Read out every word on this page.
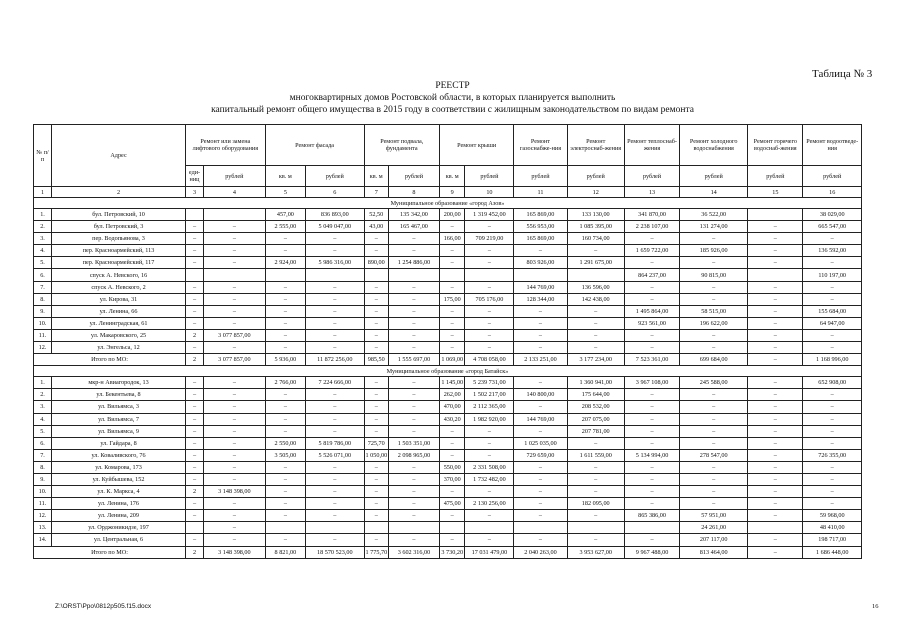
Таблица № 3
РЕЕСТР
многоквартирных домов Ростовской области, в которых планируется выполнить
капитальный ремонт общего имущества в 2015 году в соответствии с жилищным законодательством по видам ремонта
№ п/п	Адрес	Ремонт или замена лифтового оборудования		Ремонт фасада		Ремонт подвала, фундамента		Ремонт крыши		Ремонт газоснабже-ния	Ремонт электроснаб-жения	Ремонт теплоснаб-жения	Ремонт холодного водоснабжения	Ремонт горячего водоснаб-жения	Ремонт водоотведе-ния
		еди-ниц	рублей	кв. м	рублей	кв. м	рублей	кв. м	рублей	рублей	рублей	рублей	рублей	рублей	рублей
1	2	3	4	5	6	7	8	9	10	11	12	13	14	15	16
Муниципальное образование «город Азов»															
1.	бул. Петровский, 10			457,00	836 893,00	52,50	135 342,00	200,00	1 319 452,00	165 869,00	133 130,00	341 870,00	36 522,00		38 029,00
2.	бул. Петровский, 3	–	–	2 555,00	5 049 047,00	43,00	165 467,00	–	–	556 953,00	1 085 395,00	2 238 107,00	131 274,00	–	665 547,00
3.	пер. Водопьянова, 3	–	–	–	–	–	–	166,00	709 219,00	165 869,00	160 734,00	–	–	–	–
4.	пер. Красноармейский, 113	–	–	–	–	–	–	–	–	–	–	1 659 722,00	185 926,00	–	136 592,00
5.	пер. Красноармейский, 117	–	–	2 924,00	5 986 316,00	890,00	1 254 886,00	–	–	803 926,00	1 291 675,00	–	–	–	–
6.	спуск А. Невского, 16											864 237,00	90 815,00		110 197,00
7.	спуск А. Невского, 2	–	–	–	–	–	–	–	–	144 769,00	136 596,00	–	–	–	–
8.	ул. Кирова, 31	–	–	–	–	–	–	175,00	705 176,00	128 344,00	142 438,00	–	–	–	–
9.	ул. Ленина, 66	–	–	–	–	–	–	–	–	–	–	1 495 864,00	58 515,00	–	155 684,00
10.	ул. Ленинградская, 61	–	–	–	–	–	–	–	–	–	–	923 561,00	196 622,00	–	64 947,00
11.	ул. Макаровского, 25	2	3 077 857,00	–	–	–	–	–	–	–	–	–	–	–	–
12.	ул. Энгельса, 12	–	–	–	–	–	–	–	–	–	–	–	–	–	–
Итого по МО:		2	3 077 857,00	5 936,00	11 872 256,00	985,50	1 555 697,00	1 069,00	4 708 058,00	2 133 251,00	3 177 234,00	7 523 361,00	699 684,00	–	1 168 996,00
Муниципальное образование «город Батайск»															
1.	мкр-н Авиагородок, 13	–	–	2 766,00	7 224 666,00	–	–	1 145,00	5 239 731,00	–	1 360 941,00	3 967 108,00	245 588,00	–	652 908,00
2.	ул. Бекентьева, 8	–	–	–	–	–	–	262,00	1 502 217,00	140 800,00	175 644,00	–	–	–	–
3.	ул. Вильямса, 3	–	–	–	–	–	–	470,00	2 112 365,00	–	208 532,00	–	–	–	–
4.	ул. Вильямса, 7	–	–	–	–	–	–	430,20	1 982 920,00	144 769,00	207 075,00	–	–	–	–
5.	ул. Вильямса, 9	–	–	–	–	–	–	–	–	–	207 781,00	–	–	–	–
6.	ул. Гайдара, 8	–	–	2 550,00	5 819 786,00	725,70	1 503 351,00	–	–	1 025 035,00	–	–	–	–	–
7.	ул. Коваливского, 76	–	–	3 505,00	5 526 071,00	1 050,00	2 098 965,00	–	–	729 659,00	1 611 559,00	5 134 994,00	278 547,00	–	726 355,00
8.	ул. Комарова, 173	–	–	–	–	–	–	550,00	2 331 508,00	–	–	–	–	–	–
9.	ул. Куйбышева, 152	–	–	–	–	–	–	370,00	1 732 482,00	–	–	–	–	–	–
10.	ул. К. Маркса, 4	2	3 148 398,00	–	–	–	–	–	–	–	–	–	–	–	–
11.	ул. Ленина, 176	–	–	–	–	–	–	475,00	2 130 256,00	–	182 095,00	–	–	–	–
12.	ул. Ленина, 209	–	–	–	–	–	–	–	–	–	–	865 386,00	57 951,00	–	59 968,00
13.	ул. Орджоникидзе, 197		–										24 261,00		48 410,00
14.	ул. Центральная, 6	–	–	–	–	–	–	–	–	–	–	–	207 117,00	–	198 717,00
Итого по МО:		2	3 148 398,00	8 821,00	18 570 523,00	1 775,70	3 602 316,00	3 730,20	17 031 479,00	2 040 263,00	3 953 627,00	9 967 488,00	813 464,00	–	1 686 448,00
Z:\ORST\Ppo\0812p505.f15.docx	16
